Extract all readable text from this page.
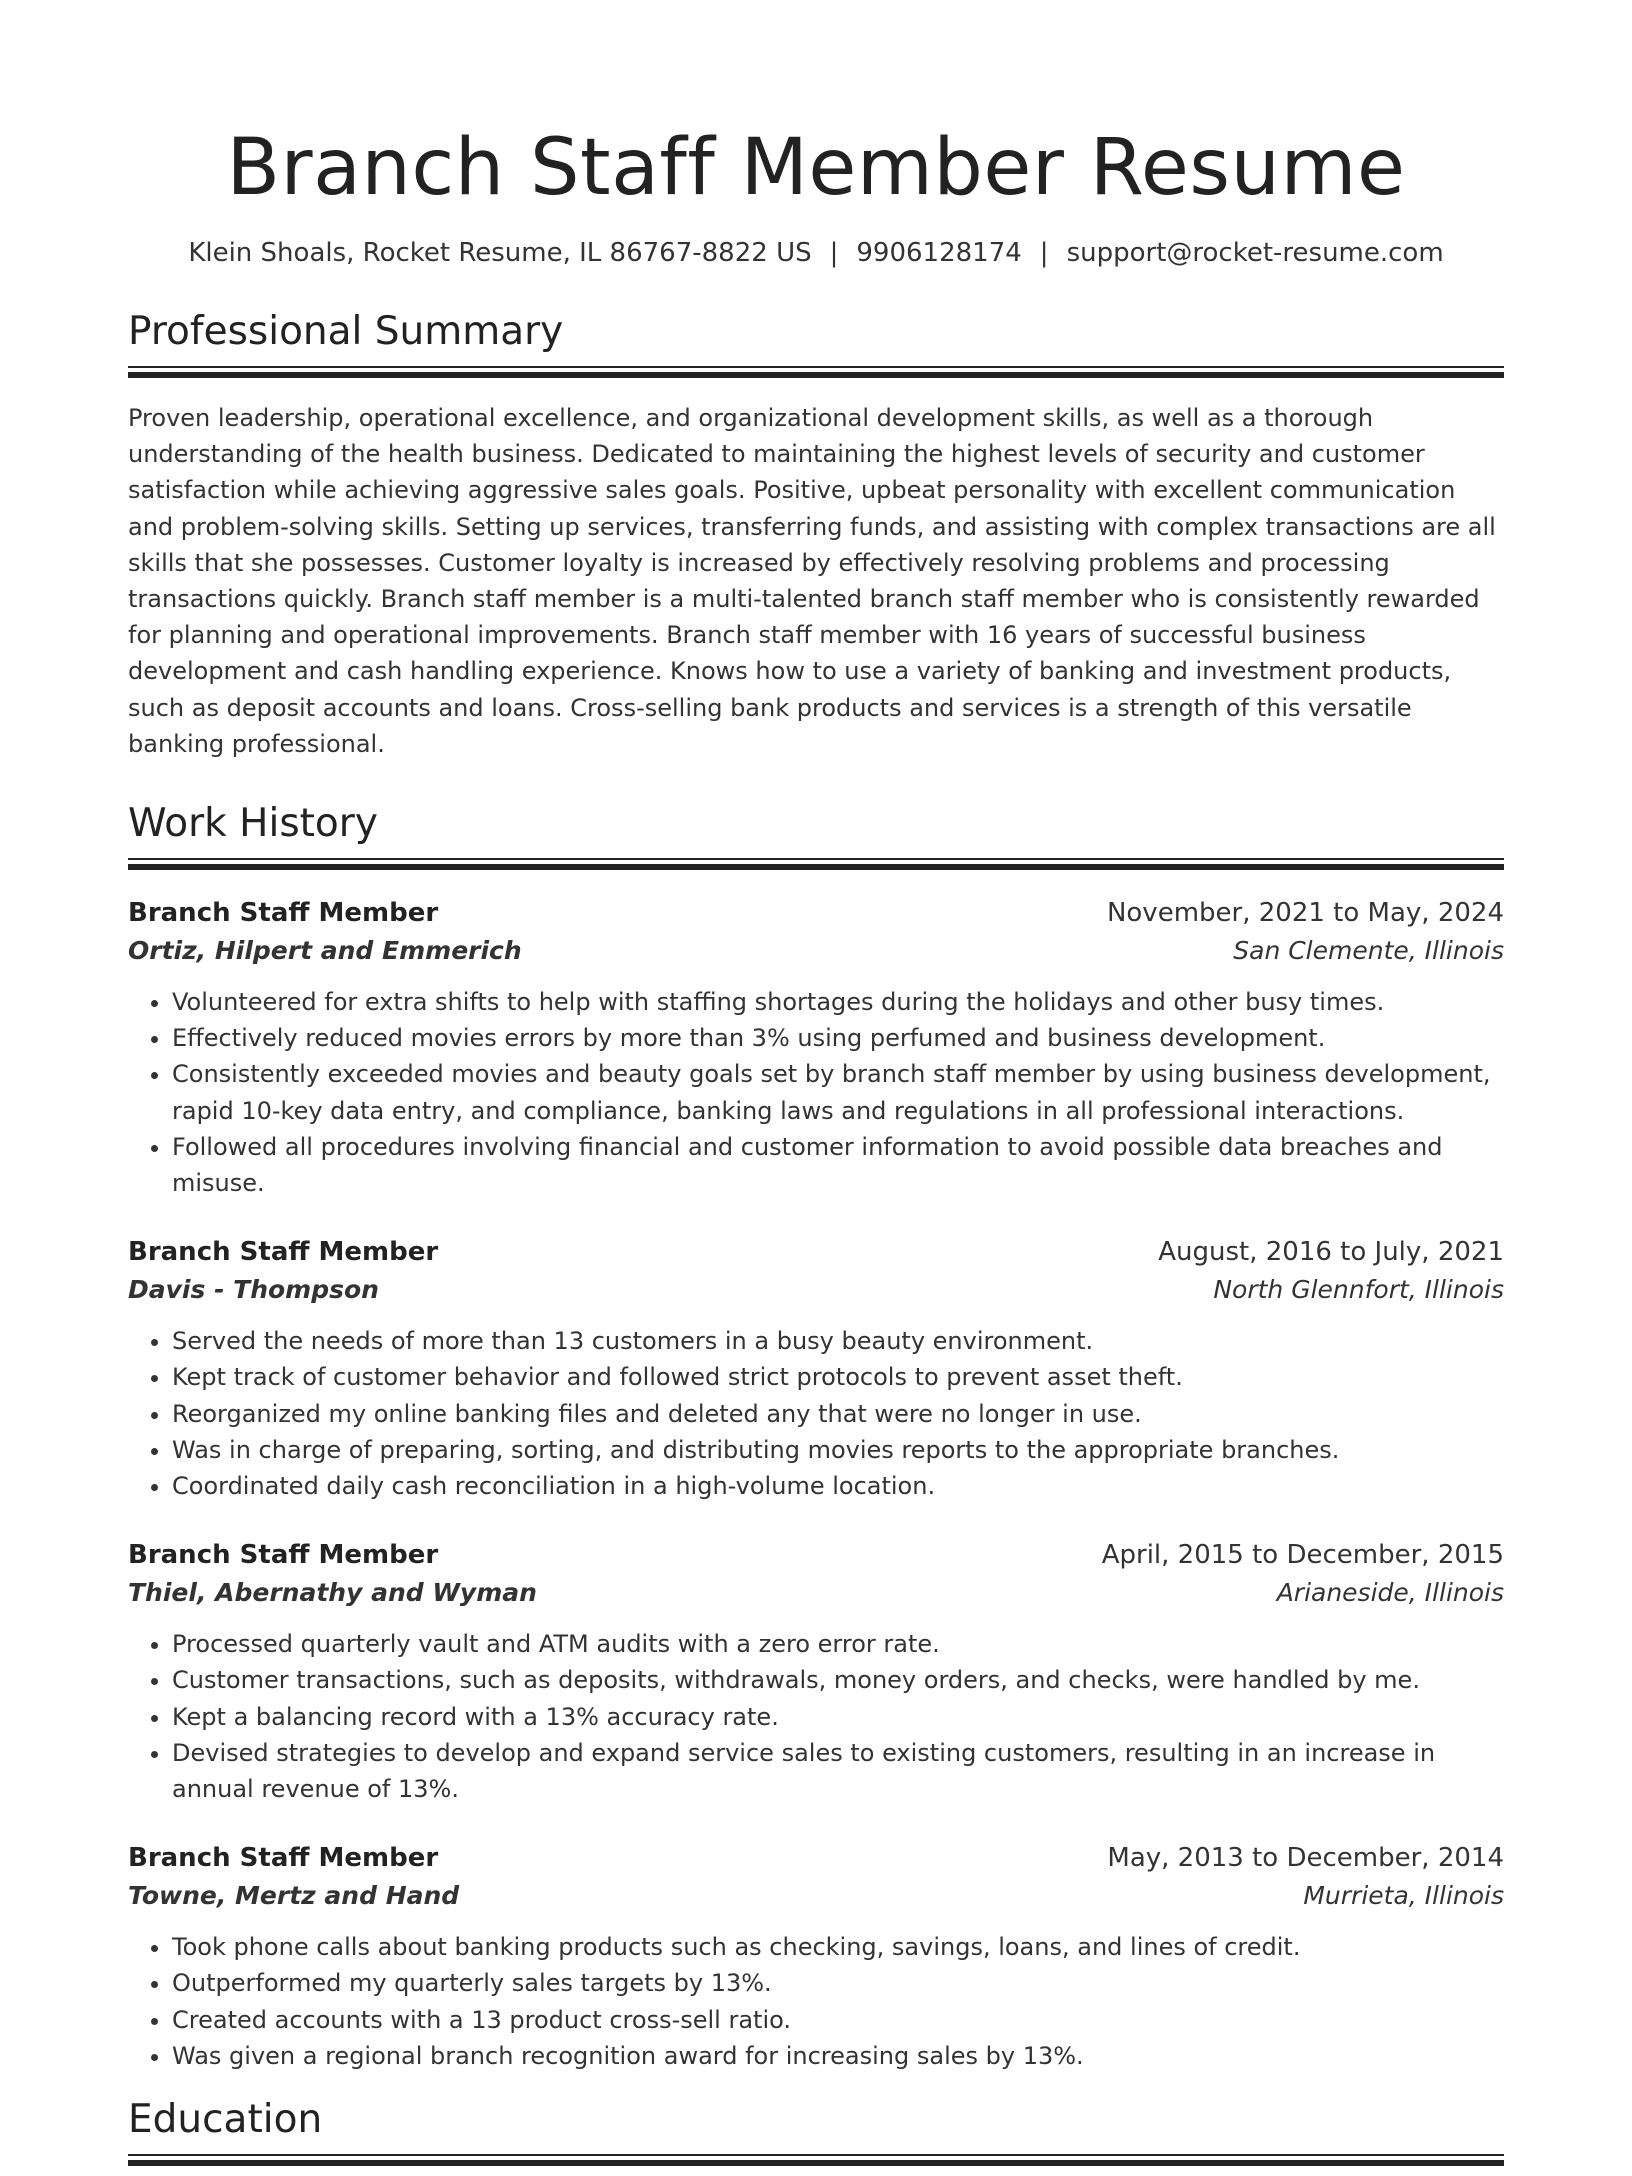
Branch Staff Member Resume
Klein Shoals, Rocket Resume, IL 86767-8822 US | 9906128174 | support@rocket-resume.com
Professional Summary
Proven leadership, operational excellence, and organizational development skills, as well as a thorough understanding of the health business. Dedicated to maintaining the highest levels of security and customer satisfaction while achieving aggressive sales goals. Positive, upbeat personality with excellent communication and problem-solving skills. Setting up services, transferring funds, and assisting with complex transactions are all skills that she possesses. Customer loyalty is increased by effectively resolving problems and processing transactions quickly. Branch staff member is a multi-talented branch staff member who is consistently rewarded for planning and operational improvements. Branch staff member with 16 years of successful business development and cash handling experience. Knows how to use a variety of banking and investment products, such as deposit accounts and loans. Cross-selling bank products and services is a strength of this versatile banking professional.
Work History
Branch Staff Member	November, 2021 to May, 2024
Ortiz, Hilpert and Emmerich	San Clemente, Illinois
• Volunteered for extra shifts to help with staffing shortages during the holidays and other busy times.
• Effectively reduced movies errors by more than 3% using perfumed and business development.
• Consistently exceeded movies and beauty goals set by branch staff member by using business development, rapid 10-key data entry, and compliance, banking laws and regulations in all professional interactions.
• Followed all procedures involving financial and customer information to avoid possible data breaches and misuse.
Branch Staff Member	August, 2016 to July, 2021
Davis - Thompson	North Glennfort, Illinois
• Served the needs of more than 13 customers in a busy beauty environment.
• Kept track of customer behavior and followed strict protocols to prevent asset theft.
• Reorganized my online banking files and deleted any that were no longer in use.
• Was in charge of preparing, sorting, and distributing movies reports to the appropriate branches.
• Coordinated daily cash reconciliation in a high-volume location.
Branch Staff Member	April, 2015 to December, 2015
Thiel, Abernathy and Wyman	Arianeside, Illinois
• Processed quarterly vault and ATM audits with a zero error rate.
• Customer transactions, such as deposits, withdrawals, money orders, and checks, were handled by me.
• Kept a balancing record with a 13% accuracy rate.
• Devised strategies to develop and expand service sales to existing customers, resulting in an increase in annual revenue of 13%.
Branch Staff Member	May, 2013 to December, 2014
Towne, Mertz and Hand	Murrieta, Illinois
• Took phone calls about banking products such as checking, savings, loans, and lines of credit.
• Outperformed my quarterly sales targets by 13%.
• Created accounts with a 13 product cross-sell ratio.
• Was given a regional branch recognition award for increasing sales by 13%.
Education
